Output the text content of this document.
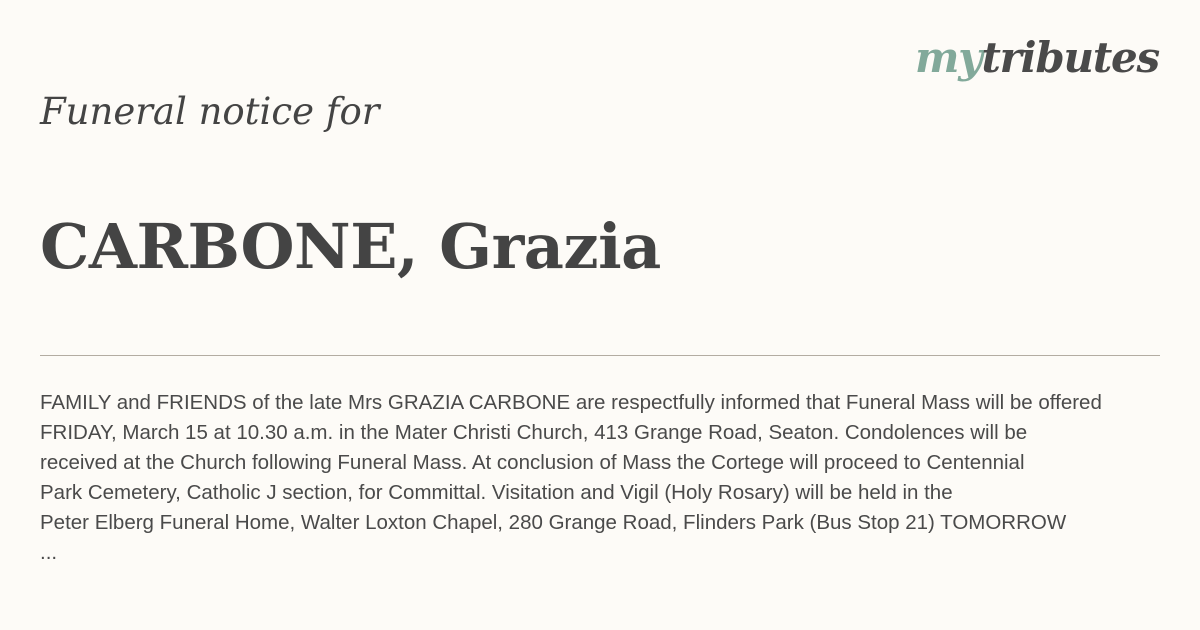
mytributes
Funeral notice for
CARBONE, Grazia
FAMILY and FRIENDS of the late Mrs GRAZIA CARBONE are respectfully informed that Funeral Mass will be offered
FRIDAY, March 15 at 10.30 a.m. in the Mater Christi Church, 413 Grange Road, Seaton. Condolences will be
received at the Church following Funeral Mass. At conclusion of Mass the Cortege will proceed to Centennial
Park Cemetery, Catholic J section, for Committal. Visitation and Vigil (Holy Rosary) will be held in the
Peter Elberg Funeral Home, Walter Loxton Chapel, 280 Grange Road, Flinders Park (Bus Stop 21) TOMORROW
...
